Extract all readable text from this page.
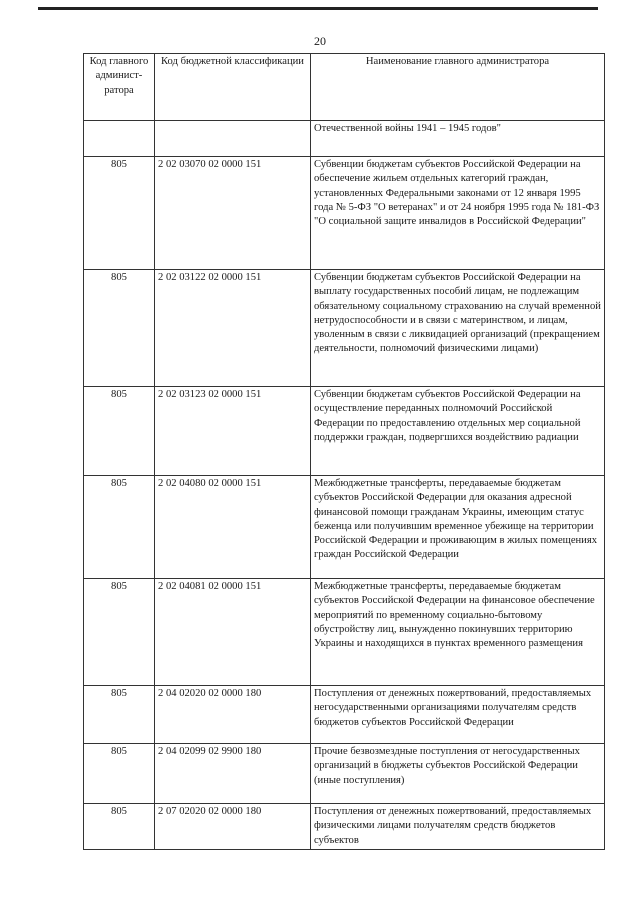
20
Код главного админист-ратора	Код бюджетной классификации	Наименование главного администратора
		Отечественной войны 1941 – 1945 годов"
805	2 02 03070 02 0000 151	Субвенции бюджетам субъектов Российской Федерации на обеспечение жильем отдельных категорий граждан, установленных Федеральными законами от 12 января 1995 года № 5-ФЗ "О ветеранах" и от 24 ноября 1995 года № 181-ФЗ "О социальной защите инвалидов в Российской Федерации"
805	2 02 03122 02 0000 151	Субвенции бюджетам субъектов Российской Федерации на выплату государственных пособий лицам, не подлежащим обязательному социальному страхованию на случай временной нетрудоспособности и в связи с материнством, и лицам, уволенным в связи с ликвидацией организаций (прекращением деятельности, полномочий физическими лицами)
805	2 02 03123 02 0000 151	Субвенции бюджетам субъектов Российской Федерации на осуществление переданных полномочий Российской Федерации по предоставлению отдельных мер социальной поддержки граждан, подвергшихся воздействию радиации
805	2 02 04080 02 0000 151	Межбюджетные трансферты, передаваемые бюджетам субъектов Российской Федерации для оказания адресной финансовой помощи гражданам Украины, имеющим статус беженца или получившим временное убежище на территории Российской Федерации и проживающим в жилых помещениях граждан Российской Федерации
805	2 02 04081 02 0000 151	Межбюджетные трансферты, передаваемые бюджетам субъектов Российской Федерации на финансовое обеспечение мероприятий по временному социально-бытовому обустройству лиц, вынужденно покинувших территорию Украины и находящихся в пунктах временного размещения
805	2 04 02020 02 0000 180	Поступления от денежных пожертвований, предоставляемых негосударственными организациями получателям средств бюджетов субъектов Российской Федерации
805	2 04 02099 02 9900 180	Прочие безвозмездные поступления от негосударственных организаций в бюджеты субъектов Российской Федерации (иные поступления)
805	2 07 02020 02 0000 180	Поступления от денежных пожертвований, предоставляемых физическими лицами получателям средств бюджетов субъектов
